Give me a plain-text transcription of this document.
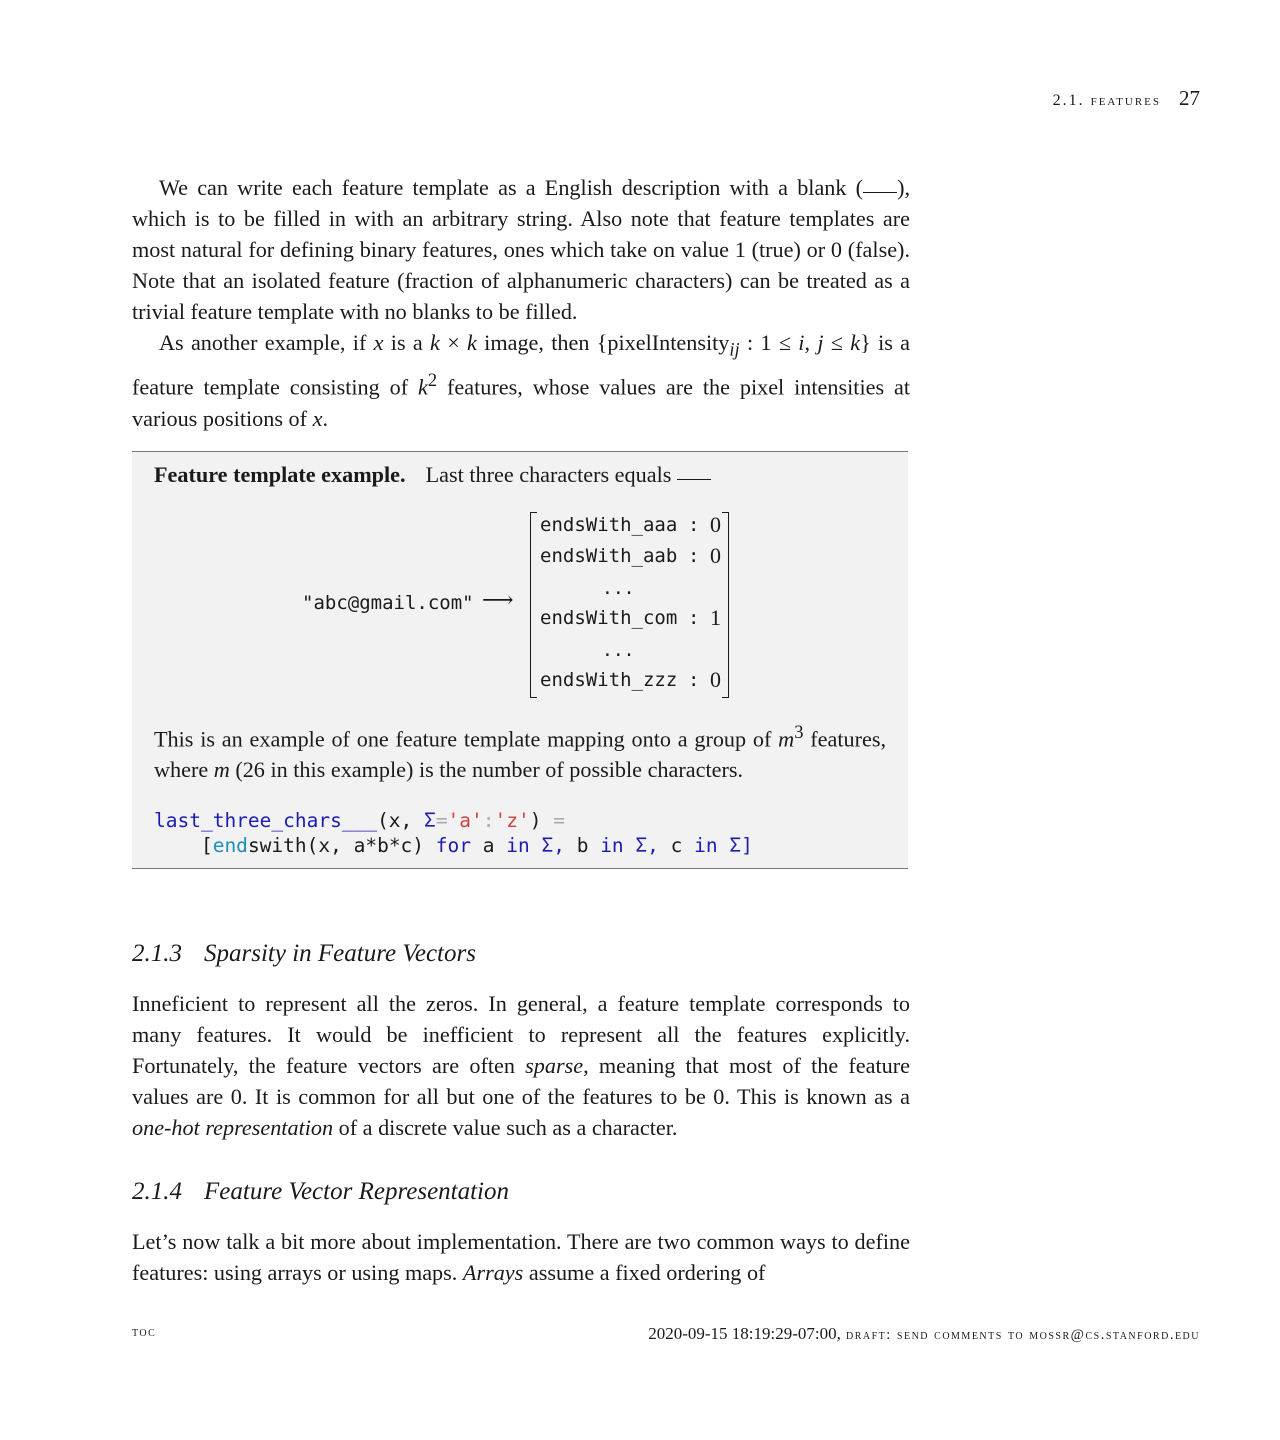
2.1. features 27

We can write each feature template as a English description with a blank ( ), which is to be filled in with an arbitrary string. Also note that feature templates are most natural for defining binary features, ones which take on value 1 (true) or 0 (false). Note that an isolated feature (fraction of alphanumeric characters) can be treated as a trivial feature template with no blanks to be filled.

As another example, if x is a k × k image, then {pixelIntensity$_{ij}$ : 1 ≤ i, j ≤ k} is a feature template consisting of $k^2$ features, whose values are the pixel intensities at various positions of x.

Feature template example. Last three characters equals
"abc@gmail.com" ⟶
endsWith_aaa : 0
endsWith_aab : 0
...
endsWith_com : 1
...
endsWith_zzz : 0
This is an example of one feature template mapping onto a group of $m^3$ features, where m (26 in this example) is the number of possible characters.
last_three_chars___(x, Σ='a':'z') =
[endswith(x, a*b*c) for a in Σ, b in Σ, c in Σ]
2.1.3 Sparsity in Feature Vectors

Inneficient to represent all the zeros. In general, a feature template corresponds to many features. It would be inefficient to represent all the features explicitly. Fortunately, the feature vectors are often sparse, meaning that most of the feature values are 0. It is common for all but one of the features to be 0. This is known as a one-hot representation of a discrete value such as a character.

2.1.4 Feature Vector Representation

Let’s now talk a bit more about implementation. There are two common ways to define features: using arrays or using maps. Arrays assume a fixed ordering of

toc	2020-09-15 18:19:29-07:00, draft: send comments to mossr@cs.stanford.edu
